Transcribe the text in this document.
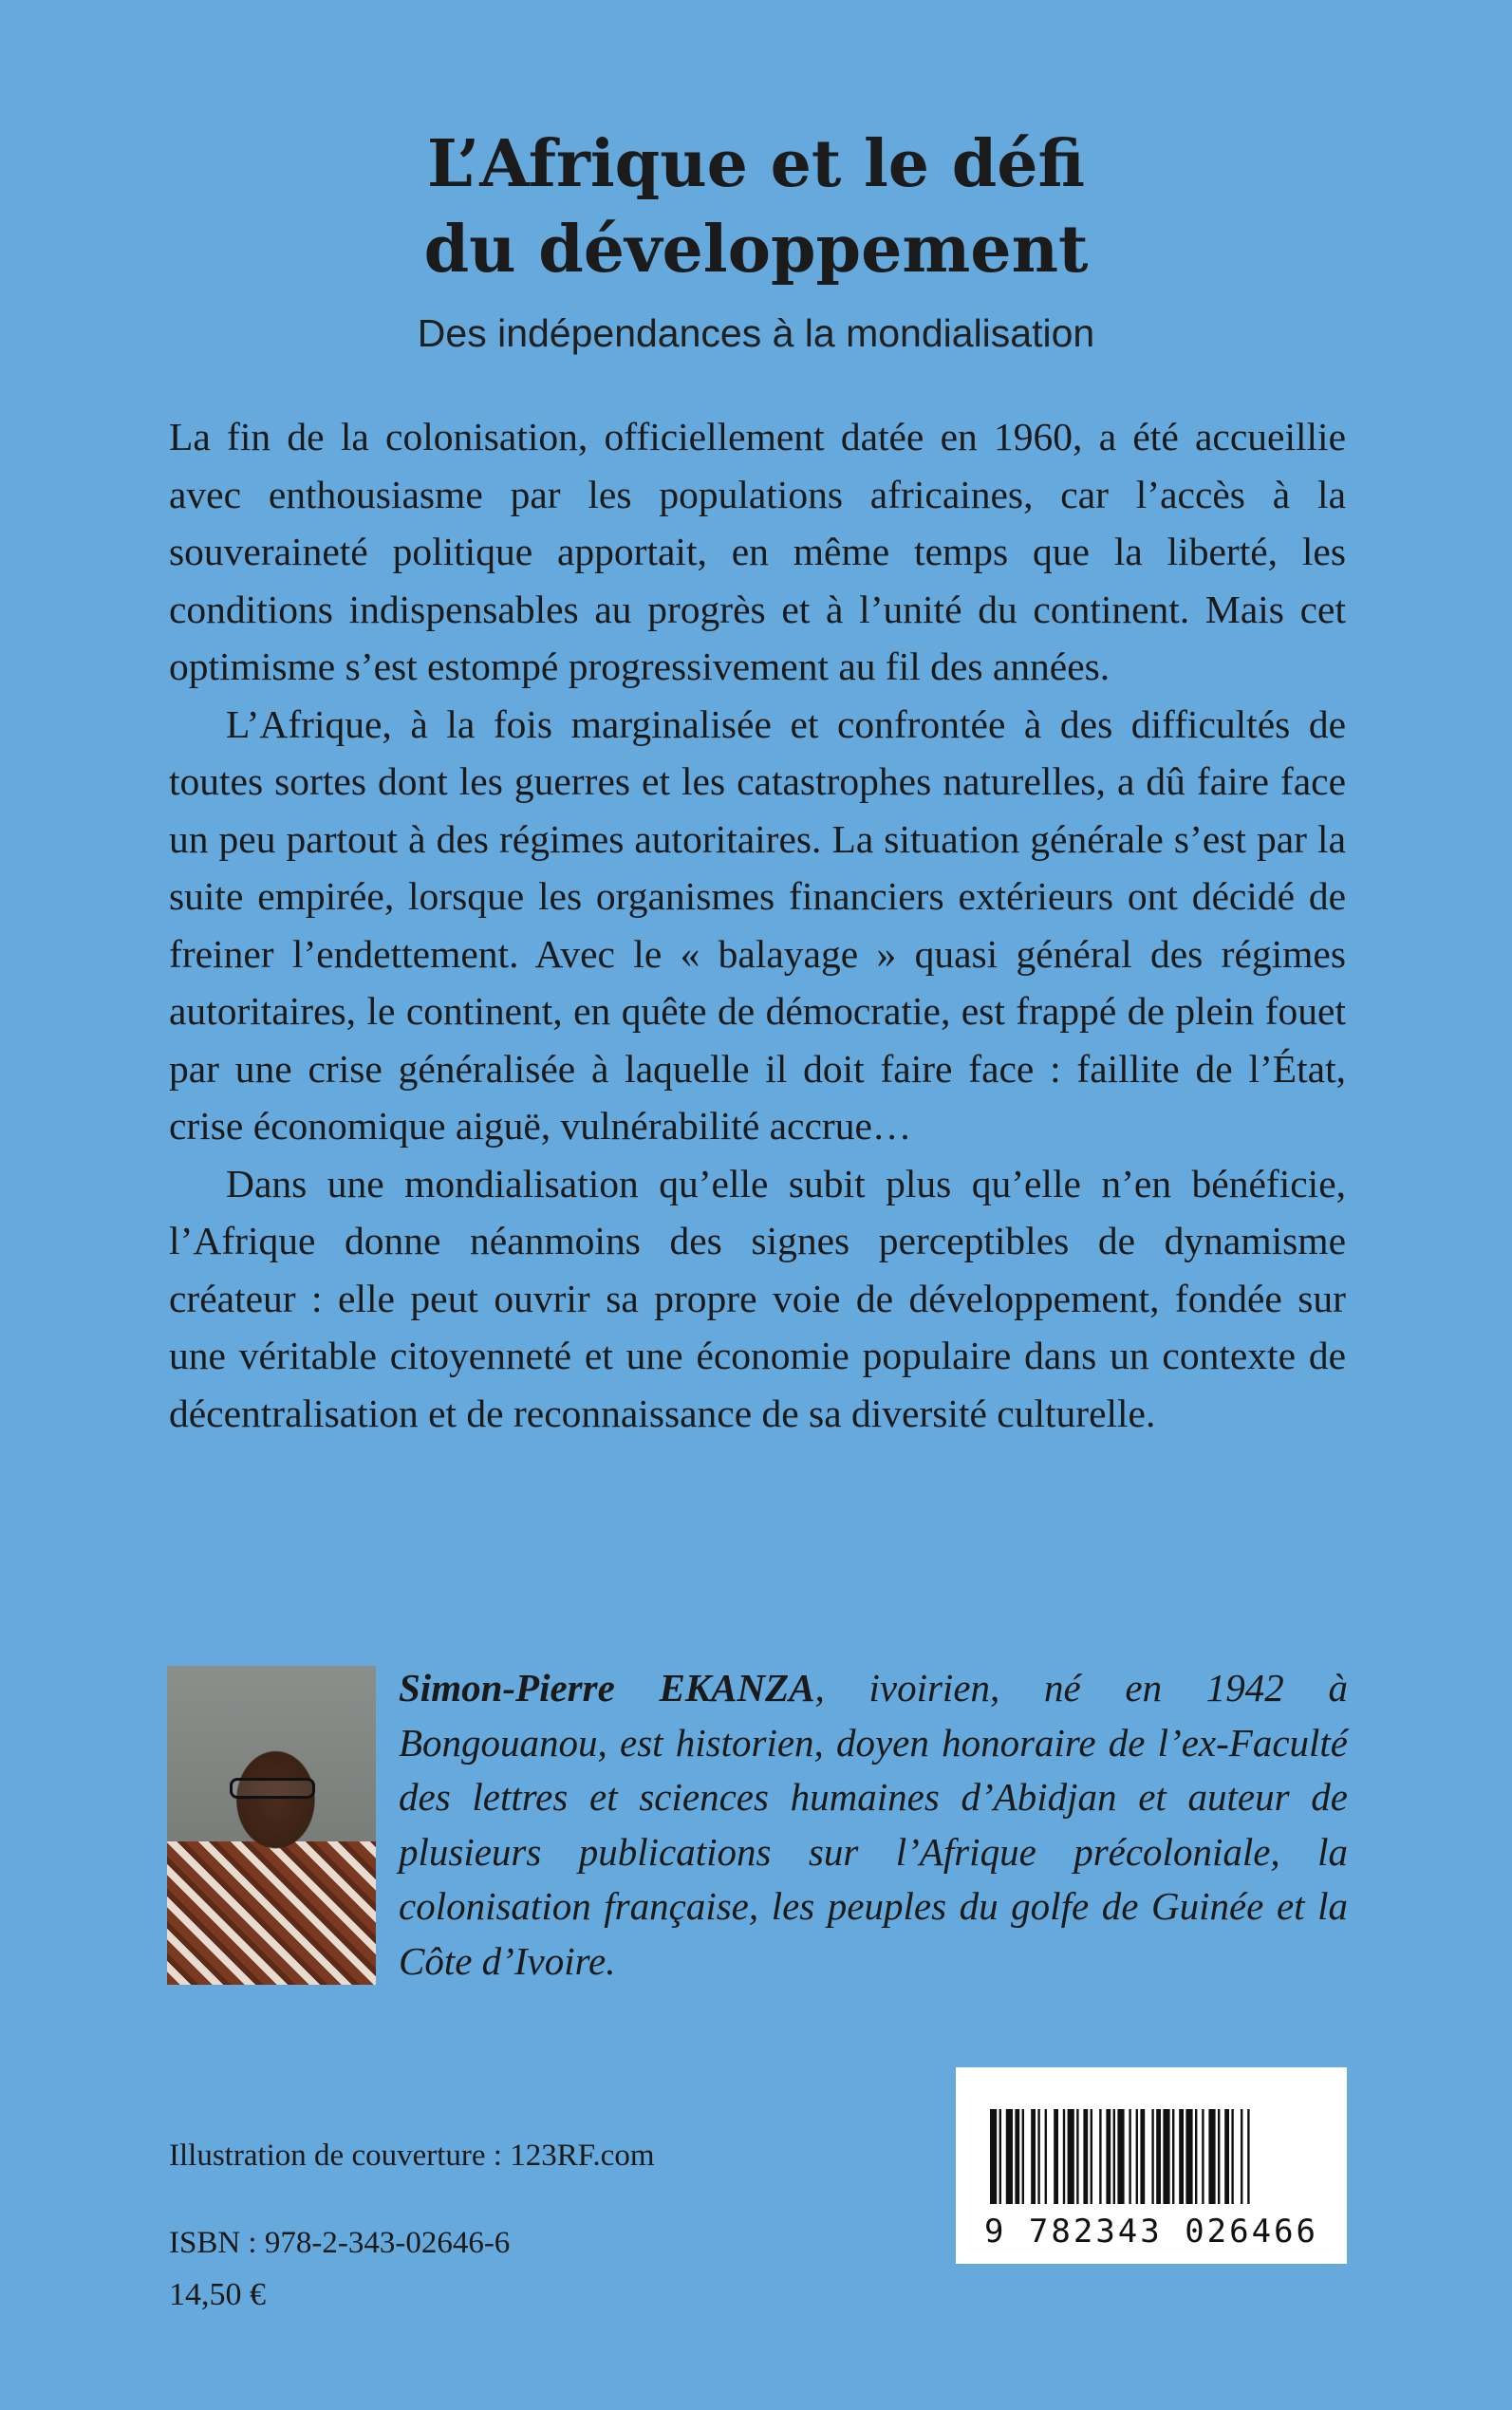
L’Afrique et le défi
du développement
Des indépendances à la mondialisation

La fin de la colonisation, officiellement datée en 1960, a été accueillie avec enthousiasme par les populations africaines, car l’accès à la souveraineté politique apportait, en même temps que la liberté, les conditions indispensables au progrès et à l’unité du continent. Mais cet optimisme s’est estompé progressivement au fil des années.

L’Afrique, à la fois marginalisée et confrontée à des difficultés de toutes sortes dont les guerres et les catastrophes naturelles, a dû faire face un peu partout à des régimes autoritaires. La situation générale s’est par la suite empirée, lorsque les organismes financiers extérieurs ont décidé de freiner l’endettement. Avec le « balayage » quasi général des régimes autoritaires, le continent, en quête de démocratie, est frappé de plein fouet par une crise généralisée à laquelle il doit faire face : faillite de l’État, crise économique aiguë, vulnérabilité accrue…

Dans une mondialisation qu’elle subit plus qu’elle n’en bénéficie, l’Afrique donne néanmoins des signes perceptibles de dynamisme créateur : elle peut ouvrir sa propre voie de développement, fondée sur une véritable citoyenneté et une économie populaire dans un contexte de décentralisation et de reconnaissance de sa diversité culturelle.

Simon-Pierre EKANZA, ivoirien, né en 1942 à Bongouanou, est historien, doyen honoraire de l’ex-Faculté des lettres et sciences humaines d’Abidjan et auteur de plusieurs publications sur l’Afrique précoloniale, la colonisation française, les peuples du golfe de Guinée et la Côte d’Ivoire.
Illustration de couverture : 123RF.com
ISBN : 978-2-343-02646-6
14,50 €
9 782343 026466
